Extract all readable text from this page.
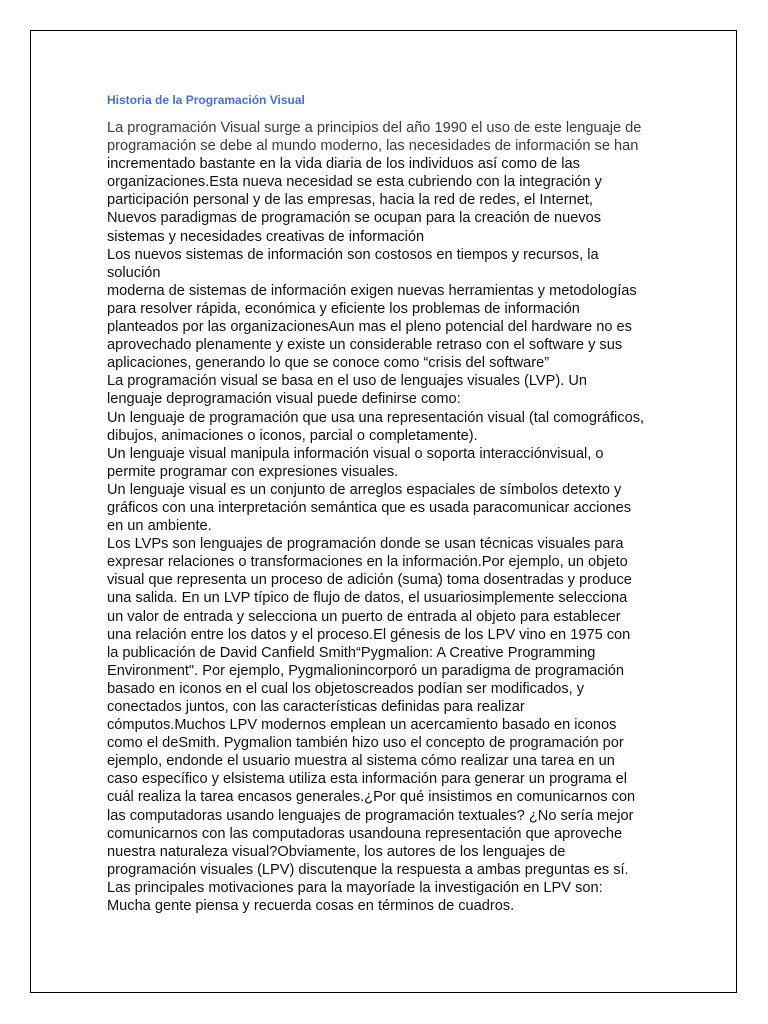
Historia de la Programación Visual
La programación Visual surge a principios del año 1990 el uso de este lenguaje de
programación se debe al mundo moderno, las necesidades de información se han
incrementado bastante en la vida diaria de los individuos así como de las
organizaciones.Esta nueva necesidad se esta cubriendo con la integración y
participación personal y de las empresas, hacia la red de redes, el Internet,
Nuevos paradigmas de programación se ocupan para la creación de nuevos
sistemas y necesidades creativas de información
Los nuevos sistemas de información son costosos en tiempos y recursos, la
solución
moderna de sistemas de información exigen nuevas herramientas y metodologías
para resolver rápida, económica y eficiente los problemas de información
planteados por las organizacionesAun mas el pleno potencial del hardware no es
aprovechado plenamente y existe un considerable retraso con el software y sus
aplicaciones, generando lo que se conoce como “crisis del software”
La programación visual se basa en el uso de lenguajes visuales (LVP). Un
lenguaje deprogramación visual puede definirse como:
Un lenguaje de programación que usa una representación visual (tal comográficos,
dibujos, animaciones o iconos, parcial o completamente).
Un lenguaje visual manipula información visual o soporta interacciónvisual, o
permite programar con expresiones visuales.
Un lenguaje visual es un conjunto de arreglos espaciales de símbolos detexto y
gráficos con una interpretación semántica que es usada paracomunicar acciones
en un ambiente.
Los LVPs son lenguajes de programación donde se usan técnicas visuales para
expresar relaciones o transformaciones en la información.Por ejemplo, un objeto
visual que representa un proceso de adición (suma) toma dosentradas y produce
una salida. En un LVP típico de flujo de datos, el usuariosimplemente selecciona
un valor de entrada y selecciona un puerto de entrada al objeto para establecer
una relación entre los datos y el proceso.El génesis de los LPV vino en 1975 con
la publicación de David Canfield Smith“Pygmalion: A Creative Programming
Environment". Por ejemplo, Pygmalionincorporó un paradigma de programación
basado en iconos en el cual los objetoscreados podían ser modificados, y
conectados juntos, con las características definidas para realizar
cómputos.Muchos LPV modernos emplean un acercamiento basado en iconos
como el deSmith. Pygmalion también hizo uso el concepto de programación por
ejemplo, endonde el usuario muestra al sistema cómo realizar una tarea en un
caso específico y elsistema utiliza esta información para generar un programa el
cuál realiza la tarea encasos generales.¿Por qué insistimos en comunicarnos con
las computadoras usando lenguajes de programación textuales? ¿No sería mejor
comunicarnos con las computadoras usandouna representación que aproveche
nuestra naturaleza visual?Obviamente, los autores de los lenguajes de
programación visuales (LPV) discutenque la respuesta a ambas preguntas es sí.
Las principales motivaciones para la mayoríade la investigación en LPV son:
Mucha gente piensa y recuerda cosas en términos de cuadros.
